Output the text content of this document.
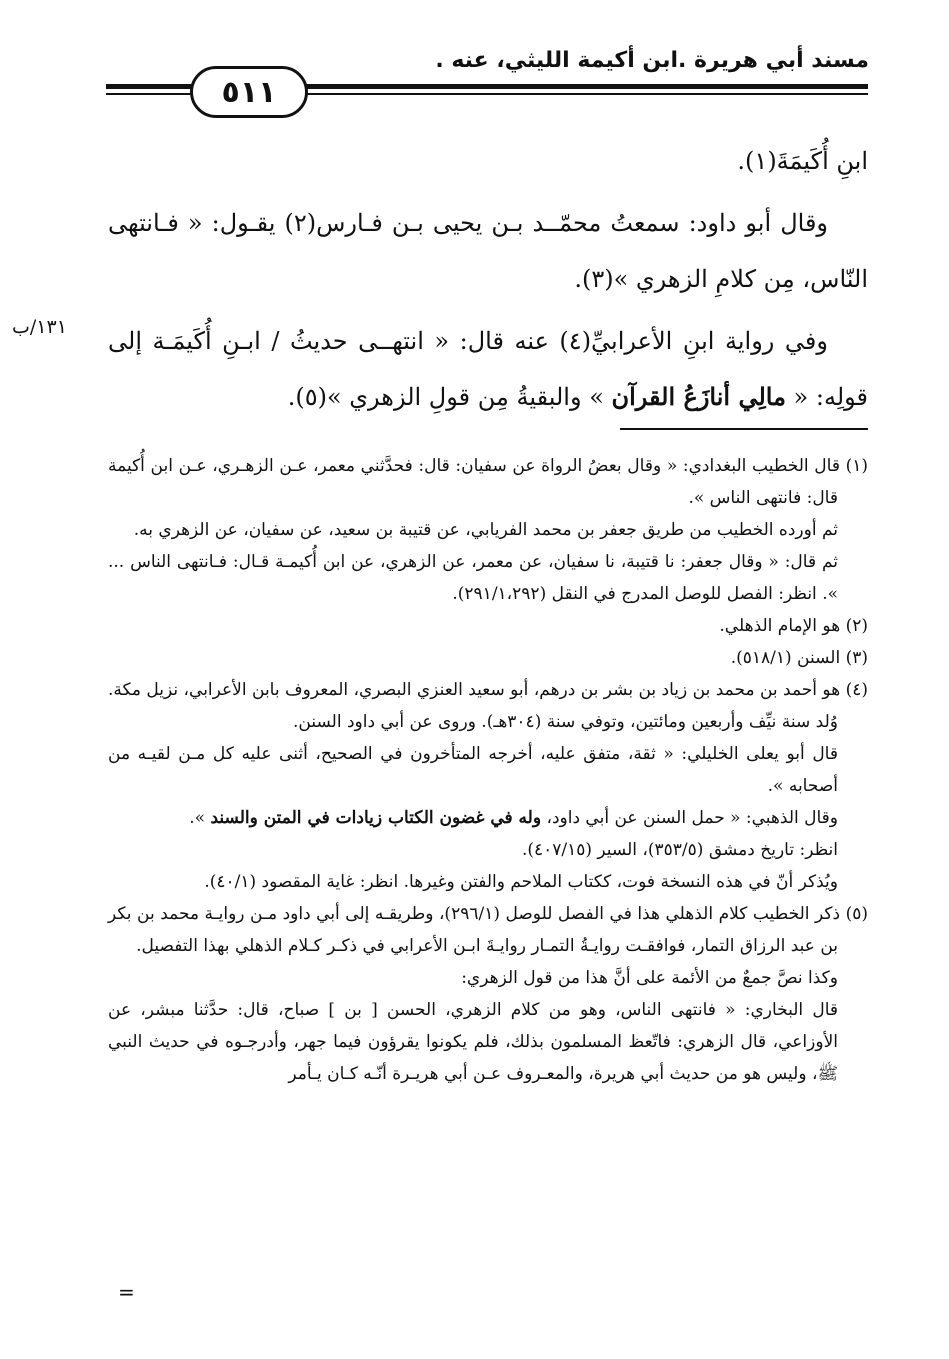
مسند أبي هريرة .ابن أكيمة الليثي، عنه .
٥١١

ابنِ أُكَيمَةَ(١).

وقال أبو داود: سمعتُ محمّــد بـن يحيى بـن فـارس(٢) يقـول: « فـانتهى النّاس، مِن كلامِ الزهري »(٣).

وفي رواية ابنِ الأعرابيِّ(٤) عنه قال: « انتهــى حديثُ / ابـنِ أُكَيمَـة إلى قولِه: « مالِي أنازَعُ القرآن » والبقيةُ مِن قولِ الزهري »(٥).

١٣١/ب

(١) قال الخطيب البغدادي: « وقال بعضُ الرواة عن سفيان: قال: فحدَّثني معمر، عـن الزهـري، عـن ابن أُكيمة قال: فانتهى الناس ».

ثم أورده الخطيب من طريق جعفر بن محمد الفريابي، عن قتيبة بن سعيد، عن سفيان، عن الزهري به.

ثم قال: « وقال جعفر: نا قتيبة، نا سفيان، عن معمر، عن الزهري، عن ابن أُكيمـة قـال: فـانتهى الناس ... ». انظر: الفصل للوصل المدرج في النقل (٢٩١/١،٢٩٢).

(٢) هو الإمام الذهلي.

(٣) السنن (٥١٨/١).

(٤) هو أحمد بن محمد بن زياد بن بشر بن درهم، أبو سعيد العنزي البصري، المعروف بابن الأعرابي، نزيل مكة. وُلد سنة نيِّف وأربعين ومائتين، وتوفي سنة (٣٠٤هـ). وروى عن أبي داود السنن.

قال أبو يعلى الخليلي: « ثقة، متفق عليه، أخرجه المتأخرون في الصحيح، أثنى عليه كل مـن لقيـه من أصحابه ».

وقال الذهبي: « حمل السنن عن أبي داود، وله في غضون الكتاب زيادات في المتن والسند ».

انظر: تاريخ دمشق (٣٥٣/٥)، السير (٤٠٧/١٥).

ويُذكر أنّ في هذه النسخة فوت، ككتاب الملاحم والفتن وغيرها. انظر: غاية المقصود (٤٠/١).

(٥) ذكر الخطيب كلام الذهلي هذا في الفصل للوصل (٢٩٦/١)، وطريقـه إلى أبي داود مـن روايـة محمد بن بكر بن عبد الرزاق التمار، فوافقـت روايـةُ التمـار روايـةَ ابـن الأعرابي في ذكـر كـلام الذهلي بهذا التفصيل.

وكذا نصَّ جمعٌ من الأئمة على أنَّ هذا من قول الزهري:

قال البخاري: « فانتهى الناس، وهو من كلام الزهري، الحسن [ بن ] صباح، قال: حدَّثنا مبشر، عن الأوزاعي، قال الزهري: فاتّعظ المسلمون بذلك، فلم يكونوا يقرؤون فيما جهر، وأدرجـوه في حديث النبي ﷺ، وليس هو من حديث أبي هريرة، والمعـروف عـن أبي هريـرة أنّـه كـان يـأمر

=
